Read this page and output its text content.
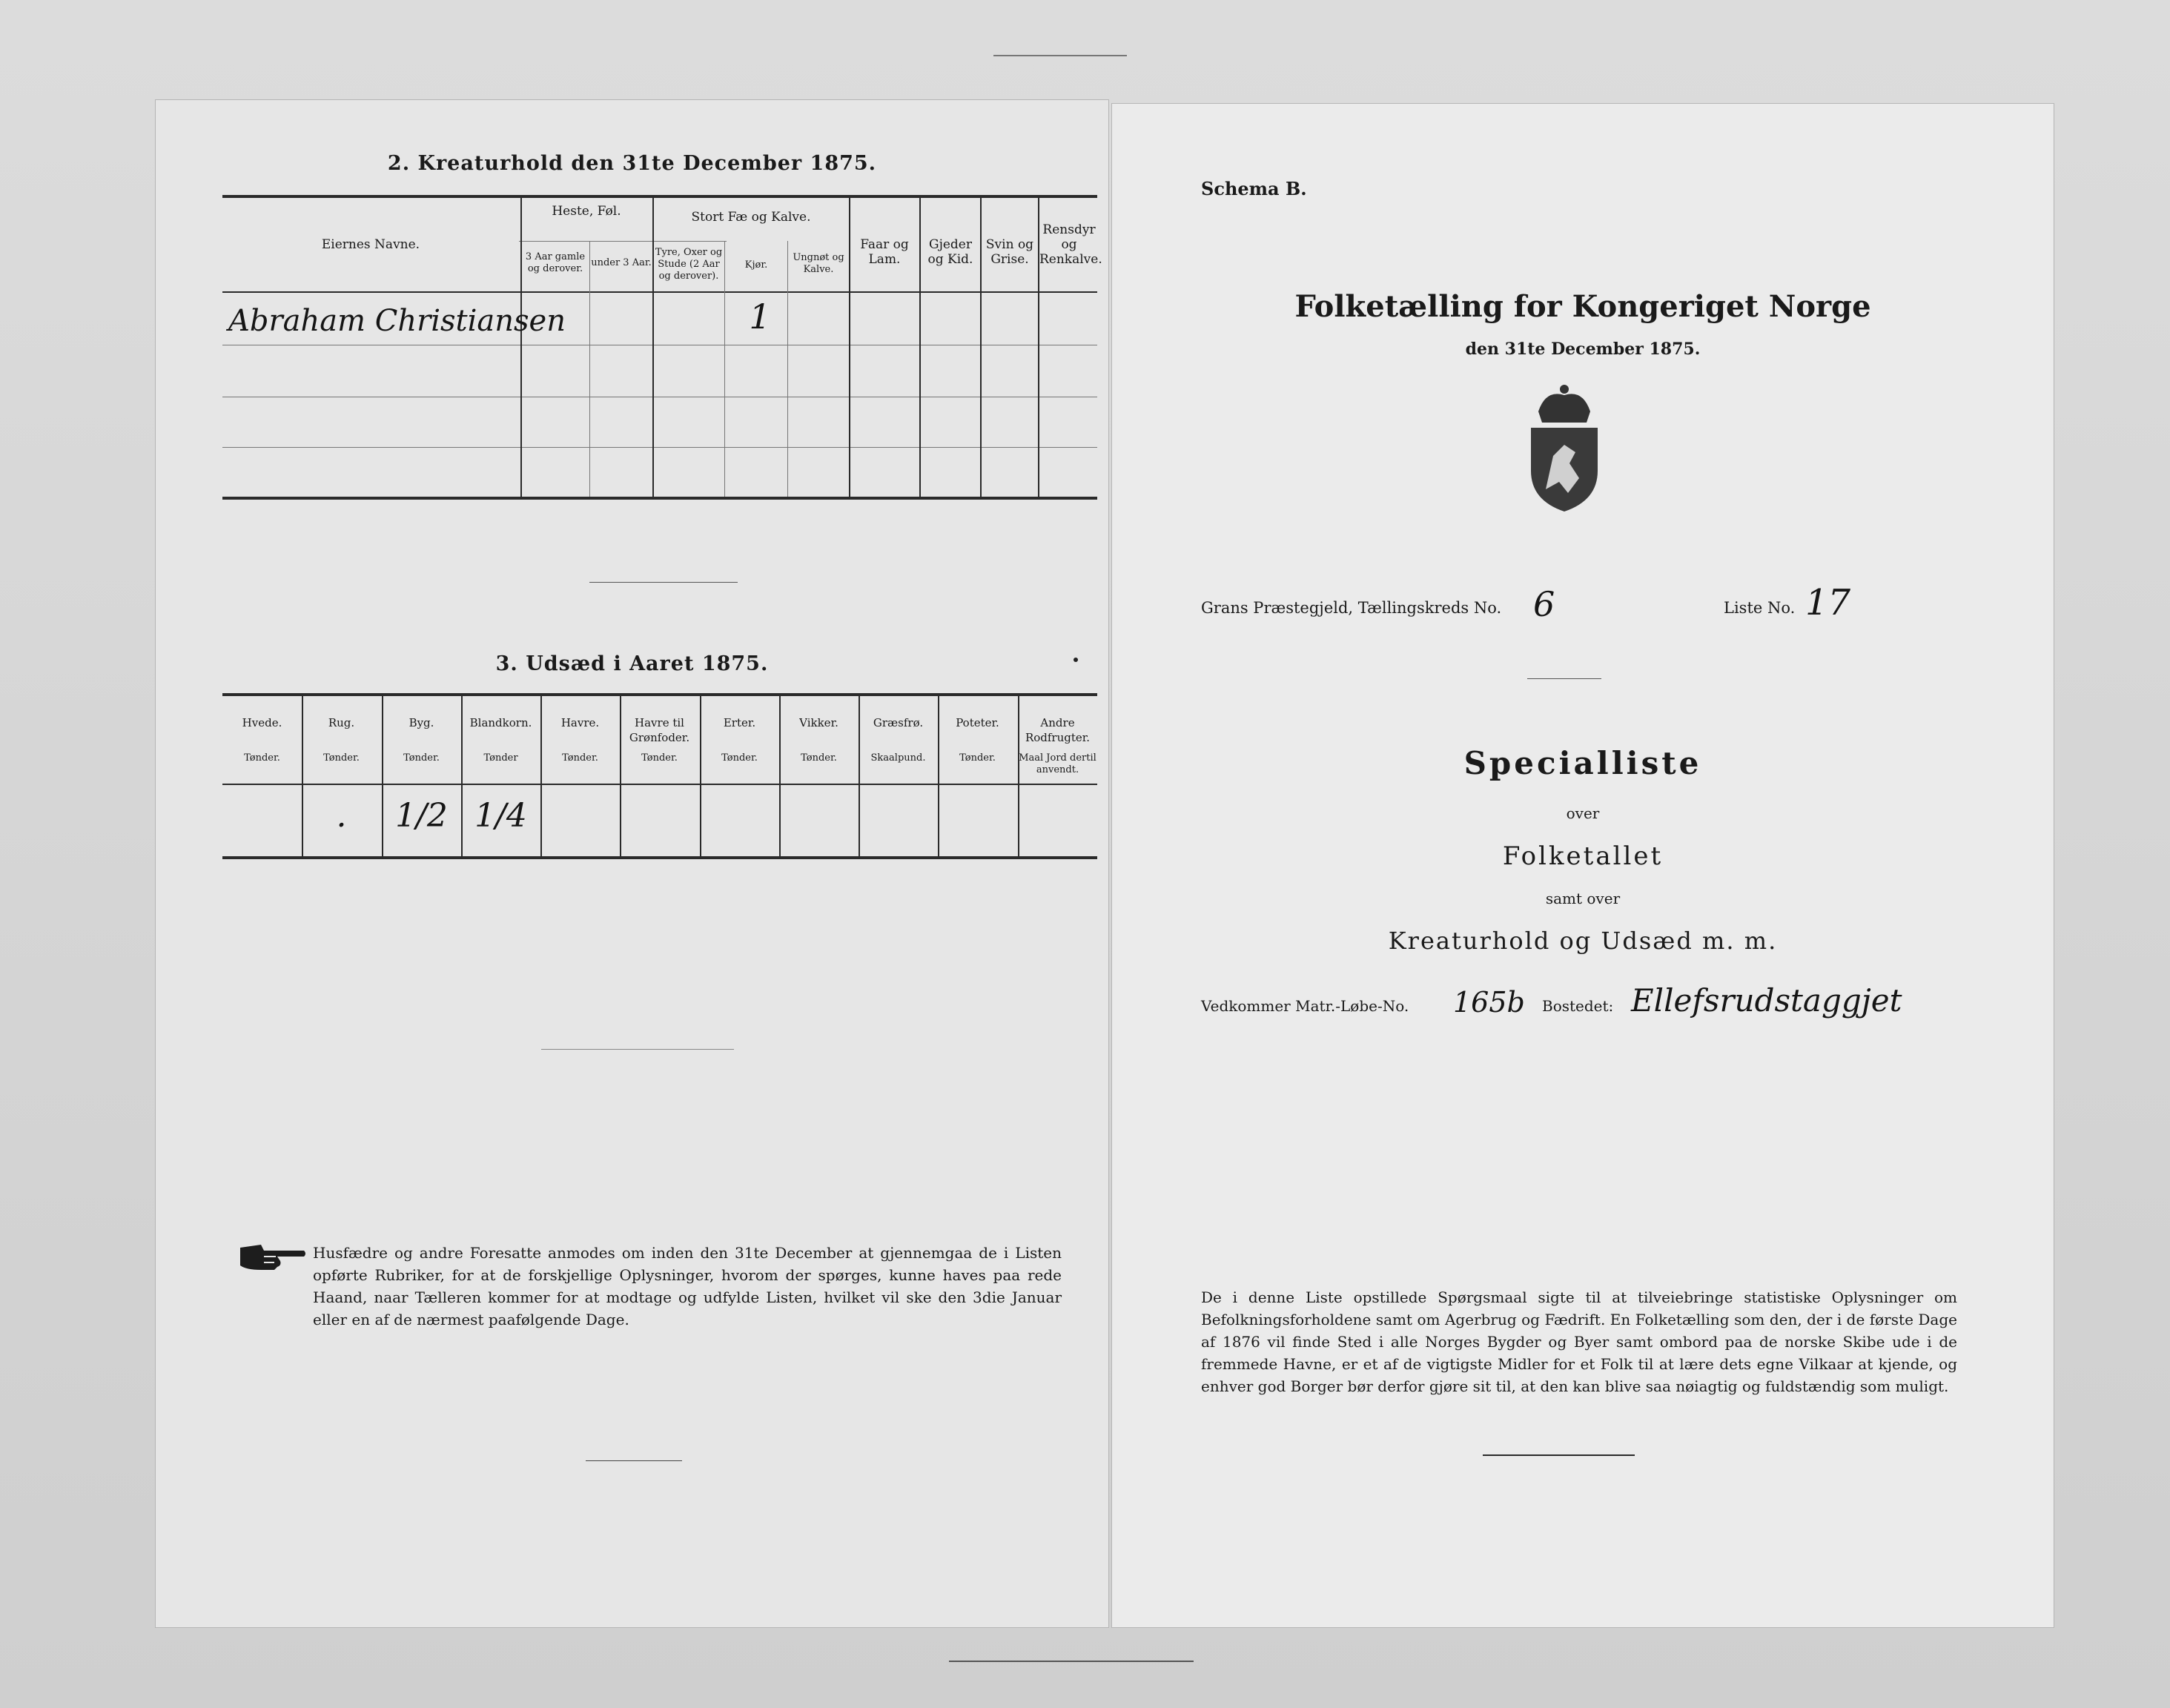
2. Kreaturhold den 31te December 1875.
Eiernes Navne.
Heste, Føl.
3 Aar gamle og derover.
under 3 Aar.
Stort Fæ og Kalve.
Tyre, Oxer og Stude (2 Aar og derover).
Kjør.
Ungnøt og Kalve.
Faar og Lam.
Gjeder og Kid.
Svin og Grise.
Rensdyr og Renkalve.
Abraham Christiansen	1
3. Udsæd i Aaret 1875.
Husfædre og andre Foresatte anmodes om inden den 31te December at gjennemgaa de i Listen opførte Rubriker, for at de forskjellige Oplysninger, hvorom der spørges, kunne haves paa rede Haand, naar Tælleren kommer for at modtage og udfylde Listen, hvilket vil ske den 3die Januar eller en af de nærmest paafølgende Dage.
Hvede.
Tønder.
Rug.
Tønder.
.
Byg.
Tønder.
1/2
Blandkorn.
Tønder
1/4
Havre.
Tønder.
Havre til Grønfoder.
Tønder.
Erter.
Tønder.
Vikker.
Tønder.
Græsfrø.
Skaalpund.
Poteter.
Tønder.
Andre Rodfrugter.
Maal Jord dertil anvendt.
Schema B.
Folketælling for Kongeriget Norge
den 31te December 1875.
Grans Præstegjeld, Tællingskreds No. 6	Liste No. 17
Specialliste
over
Folketallet
samt over
Kreaturhold og Udsæd m. m.
Vedkommer Matr.-Løbe-No. 165b Bostedet: Ellefsrudstaggjet
De i denne Liste opstillede Spørgsmaal sigte til at tilveiebringe statistiske Oplysninger om Befolkningsforholdene samt om Agerbrug og Fædrift. En Folketælling som den, der i de første Dage af 1876 vil finde Sted i alle Norges Bygder og Byer samt ombord paa de norske Skibe ude i de fremmede Havne, er et af de vigtigste Midler for et Folk til at lære dets egne Vilkaar at kjende, og enhver god Borger bør derfor gjøre sit til, at den kan blive saa nøiagtig og fuldstændig som muligt.
